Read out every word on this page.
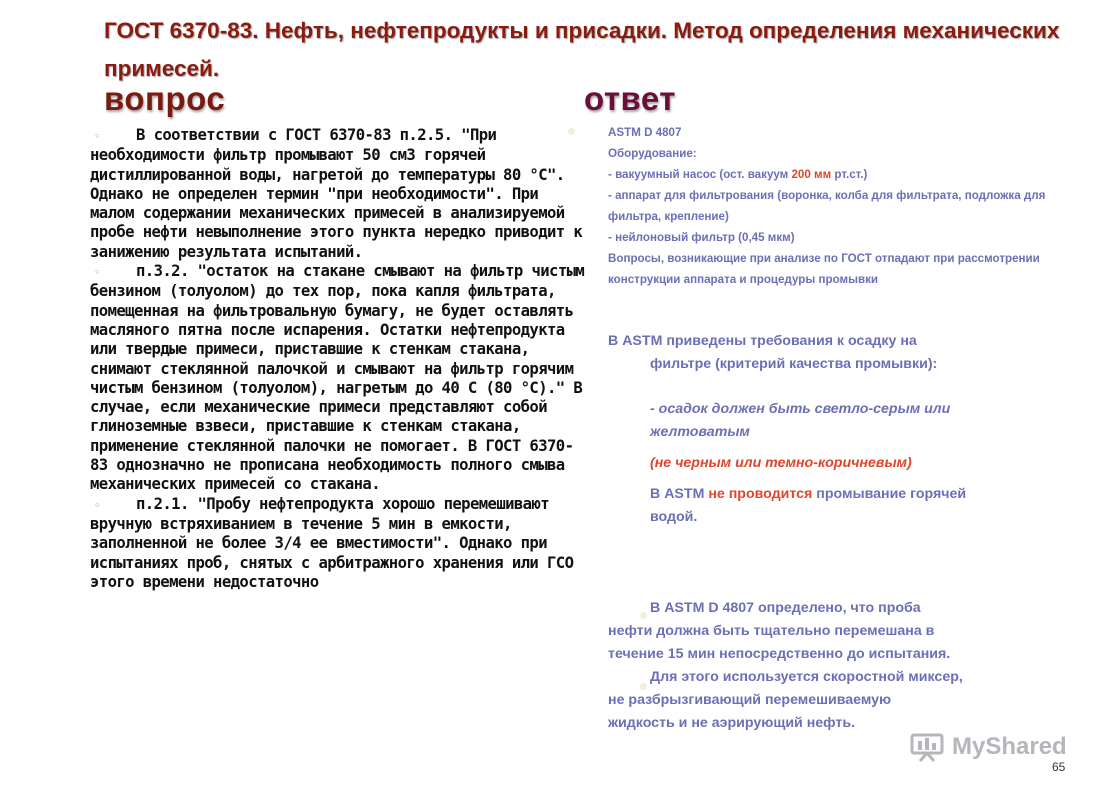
ГОСТ 6370-83. Нефть, нефтепродукты и присадки. Метод определения механических примесей.
вопрос	ответ

◦В соответствии с ГОСТ 6370-83 п.2.5. "При необходимости фильтр промывают 50 см3 горячей дистиллированной воды, нагретой до температуры 80 °С". Однако не определен термин "при необходимости". При малом содержании механических примесей в анализируемой пробе нефти невыполнение этого пункта нередко приводит к занижению результата испытаний.

◦п.3.2. "остаток на стакане смывают на фильтр чистым бензином (толуолом) до тех пор, пока капля фильтрата, помещенная на фильтровальную бумагу, не будет оставлять масляного пятна после испарения. Остатки нефтепродукта или твердые примеси, приставшие к стенкам стакана, снимают стеклянной палочкой и смывают на фильтр горячим чистым бензином (толуолом), нагретым до 40 С (80 °С)." В случае, если механические примеси представляют собой глиноземные взвеси, приставшие к стенкам стакана, применение стеклянной палочки не помогает. В ГОСТ 6370-83 однозначно не прописана необходимость полного смыва механических примесей со стакана.

◦п.2.1. "Пробу нефтепродукта хорошо перемешивают вручную встряхиванием в течение 5 мин в емкости, заполненной не более 3/4 ее вместимости". Однако при испытаниях проб, снятых с арбитражного хранения или ГСО этого времени недостаточно

ASTM D 4807

Оборудование:

- вакуумный насос (ост. вакуум 200 мм рт.ст.)

- аппарат для фильтрования (воронка, колба для фильтрата, подложка для фильтра, крепление)

- нейлоновый фильтр (0,45 мкм)

Вопросы, возникающие при анализе по ГОСТ отпадают при рассмотрении конструкции аппарата и процедуры промывки

В ASTM приведены требования к осадку на

фильтре (критерий качества промывки):

- осадок должен быть светло-серым или

желтоватым

(не черным или темно-коричневым)

В ASTM не проводится промывание горячей

водой.

В ASTM D 4807 определено, что проба

нефти должна быть тщательно перемешана в

течение 15 мин непосредственно до испытания.

Для этого используется скоростной миксер,

не разбрызгивающий перемешиваемую

жидкость и не аэрирующий нефть.

MyShared
65
